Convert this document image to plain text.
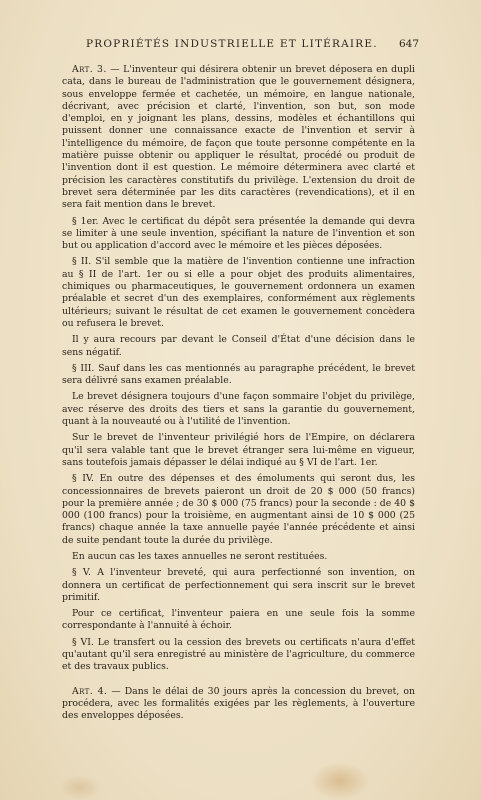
PROPRIÉTÉS INDUSTRIELLE ET LITÉRAIRE. 647

Art. 3. — L'inventeur qui désirera obtenir un brevet déposera en dupli cata, dans le bureau de l'administration que le gouvernement désignera, sous enveloppe fermée et cachetée, un mémoire, en langue nationale, décrivant, avec précision et clarté, l'invention, son but, son mode d'emploi, en y joignant les plans, dessins, modèles et échantillons qui puissent donner une connaissance exacte de l'invention et servir à l'intelligence du mémoire, de façon que toute personne compétente en la matière puisse obtenir ou appliquer le résultat, procédé ou produit de l'invention dont il est question. Le mémoire déterminera avec clarté et précision les caractères constitutifs du privilège. L'extension du droit de brevet sera déterminée par les dits caractères (revendications), et il en sera fait mention dans le brevet.

§ 1er. Avec le certificat du dépôt sera présentée la demande qui devra se limiter à une seule invention, spécifiant la nature de l'invention et son but ou application d'accord avec le mémoire et les pièces déposées.

§ II. S'il semble que la matière de l'invention contienne une infraction au § II de l'art. 1er ou si elle a pour objet des produits alimentaires, chimiques ou pharmaceutiques, le gouvernement ordonnera un examen préalable et secret d'un des exemplaires, conformément aux règlements ultérieurs; suivant le résultat de cet examen le gouvernement concèdera ou refusera le brevet.

Il y aura recours par devant le Conseil d'État d'une décision dans le sens négatif.

§ III. Sauf dans les cas mentionnés au paragraphe précédent, le brevet sera délivré sans examen préalable.

Le brevet désignera toujours d'une façon sommaire l'objet du privilège, avec réserve des droits des tiers et sans la garantie du gouvernement, quant à la nouveauté ou à l'utilité de l'invention.

Sur le brevet de l'inventeur privilégié hors de l'Empire, on déclarera qu'il sera valable tant que le brevet étranger sera lui-même en vigueur, sans toutefois jamais dépasser le délai indiqué au § VI de l'art. 1er.

§ IV. En outre des dépenses et des émoluments qui seront dus, les concessionnaires de brevets paieront un droit de 20 $ 000 (50 francs) pour la première année ; de 30 $ 000 (75 francs) pour la seconde : de 40 $ 000 (100 francs) pour la troisième, en augmentant ainsi de 10 $ 000 (25 francs) chaque année la taxe annuelle payée l'année précédente et ainsi de suite pendant toute la durée du privilège.

En aucun cas les taxes annuelles ne seront restituées.

§ V. A l'inventeur breveté, qui aura perfectionné son invention, on donnera un certificat de perfectionnement qui sera inscrit sur le brevet primitif.

Pour ce certificat, l'inventeur paiera en une seule fois la somme correspondante à l'annuité à échoir.

§ VI. Le transfert ou la cession des brevets ou certificats n'aura d'effet qu'autant qu'il sera enregistré au ministère de l'agriculture, du commerce et des travaux publics.

Art. 4. — Dans le délai de 30 jours après la concession du brevet, on procédera, avec les formalités exigées par les règlements, à l'ouverture des enveloppes déposées.
